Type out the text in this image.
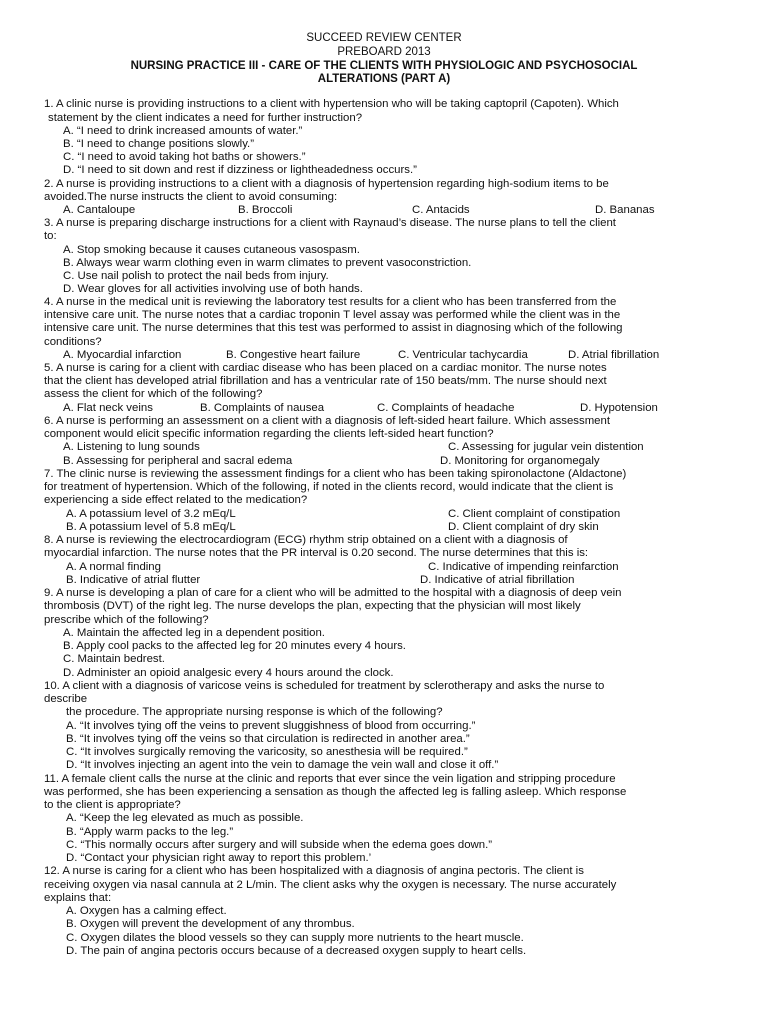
SUCCEED REVIEW CENTER
PREBOARD 2013
NURSING PRACTICE III - CARE OF THE CLIENTS WITH PHYSIOLOGIC AND PSYCHOSOCIAL
ALTERATIONS (PART A)
1. A clinic nurse is providing instructions to a client with hypertension who will be taking captopril (Capoten). Which
statement by the client indicates a need for further instruction?
A. “I need to drink increased amounts of water.”
B. “I need to change positions slowly.”
C. “I need to avoid taking hot baths or showers.”
D. “I need to sit down and rest if dizziness or lightheadedness occurs.”
2. A nurse is providing instructions to a client with a diagnosis of hypertension regarding high-sodium items to be
avoided.The nurse instructs the client to avoid consuming:
A. Cantaloupe	B. Broccoli	C. Antacids	D. Bananas
3. A nurse is preparing discharge instructions for a client with Raynaud’s disease. The nurse plans to tell the client
to:
A. Stop smoking because it causes cutaneous vasospasm.
B. Always wear warm clothing even in warm climates to prevent vasoconstriction.
C. Use nail polish to protect the nail beds from injury.
D. Wear gloves for all activities involving use of both hands.
4. A nurse in the medical unit is reviewing the laboratory test results for a client who has been transferred from the
intensive care unit. The nurse notes that a cardiac troponin T level assay was performed while the client was in the
intensive care unit. The nurse determines that this test was performed to assist in diagnosing which of the following
conditions?
A. Myocardial infarction	B. Congestive heart failure	C. Ventricular tachycardia	D. Atrial fibrillation
5. A nurse is caring for a client with cardiac disease who has been placed on a cardiac monitor. The nurse notes
that the client has developed atrial fibrillation and has a ventricular rate of 150 beats/mm. The nurse should next
assess the client for which of the following?
A. Flat neck veins	B. Complaints of nausea	C. Complaints of headache	D. Hypotension
6. A nurse is performing an assessment on a client with a diagnosis of left-sided heart failure. Which assessment
component would elicit specific information regarding the clients left-sided heart function?
A. Listening to lung sounds	C. Assessing for jugular vein distention
B. Assessing for peripheral and sacral edema	D. Monitoring for organomegaly
7. The clinic nurse is reviewing the assessment findings for a client who has been taking spironolactone (Aldactone)
for treatment of hypertension. Which of the following, if noted in the clients record, would indicate that the client is
experiencing a side effect related to the medication?
A. A potassium level of 3.2 mEq/L	C. Client complaint of constipation
B. A potassium level of 5.8 mEq/L	D. Client complaint of dry skin
8. A nurse is reviewing the electrocardiogram (ECG) rhythm strip obtained on a client with a diagnosis of
myocardial infarction. The nurse notes that the PR interval is 0.20 second. The nurse determines that this is:
A. A normal finding	C. Indicative of impending reinfarction
B. Indicative of atrial flutter	D. Indicative of atrial fibrillation
9. A nurse is developing a plan of care for a client who will be admitted to the hospital with a diagnosis of deep vein
thrombosis (DVT) of the right leg. The nurse develops the plan, expecting that the physician will most likely
prescribe which of the following?
A. Maintain the affected leg in a dependent position.
B. Apply cool packs to the affected leg for 20 minutes every 4 hours.
C. Maintain bedrest.
D. Administer an opioid analgesic every 4 hours around the clock.
10. A client with a diagnosis of varicose veins is scheduled for treatment by sclerotherapy and asks the nurse to
describe
the procedure. The appropriate nursing response is which of the following?
A. “It involves tying off the veins to prevent sluggishness of blood from occurring.”
B. “It involves tying off the veins so that circulation is redirected in another area.”
C. “It involves surgically removing the varicosity, so anesthesia will be required.”
D. “It involves injecting an agent into the vein to damage the vein wall and close it off.”
11. A female client calls the nurse at the clinic and reports that ever since the vein ligation and stripping procedure
was performed, she has been experiencing a sensation as though the affected leg is falling asleep. Which response
to the client is appropriate?
A. “Keep the leg elevated as much as possible.
B. “Apply warm packs to the leg.”
C. “This normally occurs after surgery and will subside when the edema goes down.”
D. “Contact your physician right away to report this problem.’
12. A nurse is caring for a client who has been hospitalized with a diagnosis of angina pectoris. The client is
receiving oxygen via nasal cannula at 2 L/min. The client asks why the oxygen is necessary. The nurse accurately
explains that:
A. Oxygen has a calming effect.
B. Oxygen will prevent the development of any thrombus.
C. Oxygen dilates the blood vessels so they can supply more nutrients to the heart muscle.
D. The pain of angina pectoris occurs because of a decreased oxygen supply to heart cells.
